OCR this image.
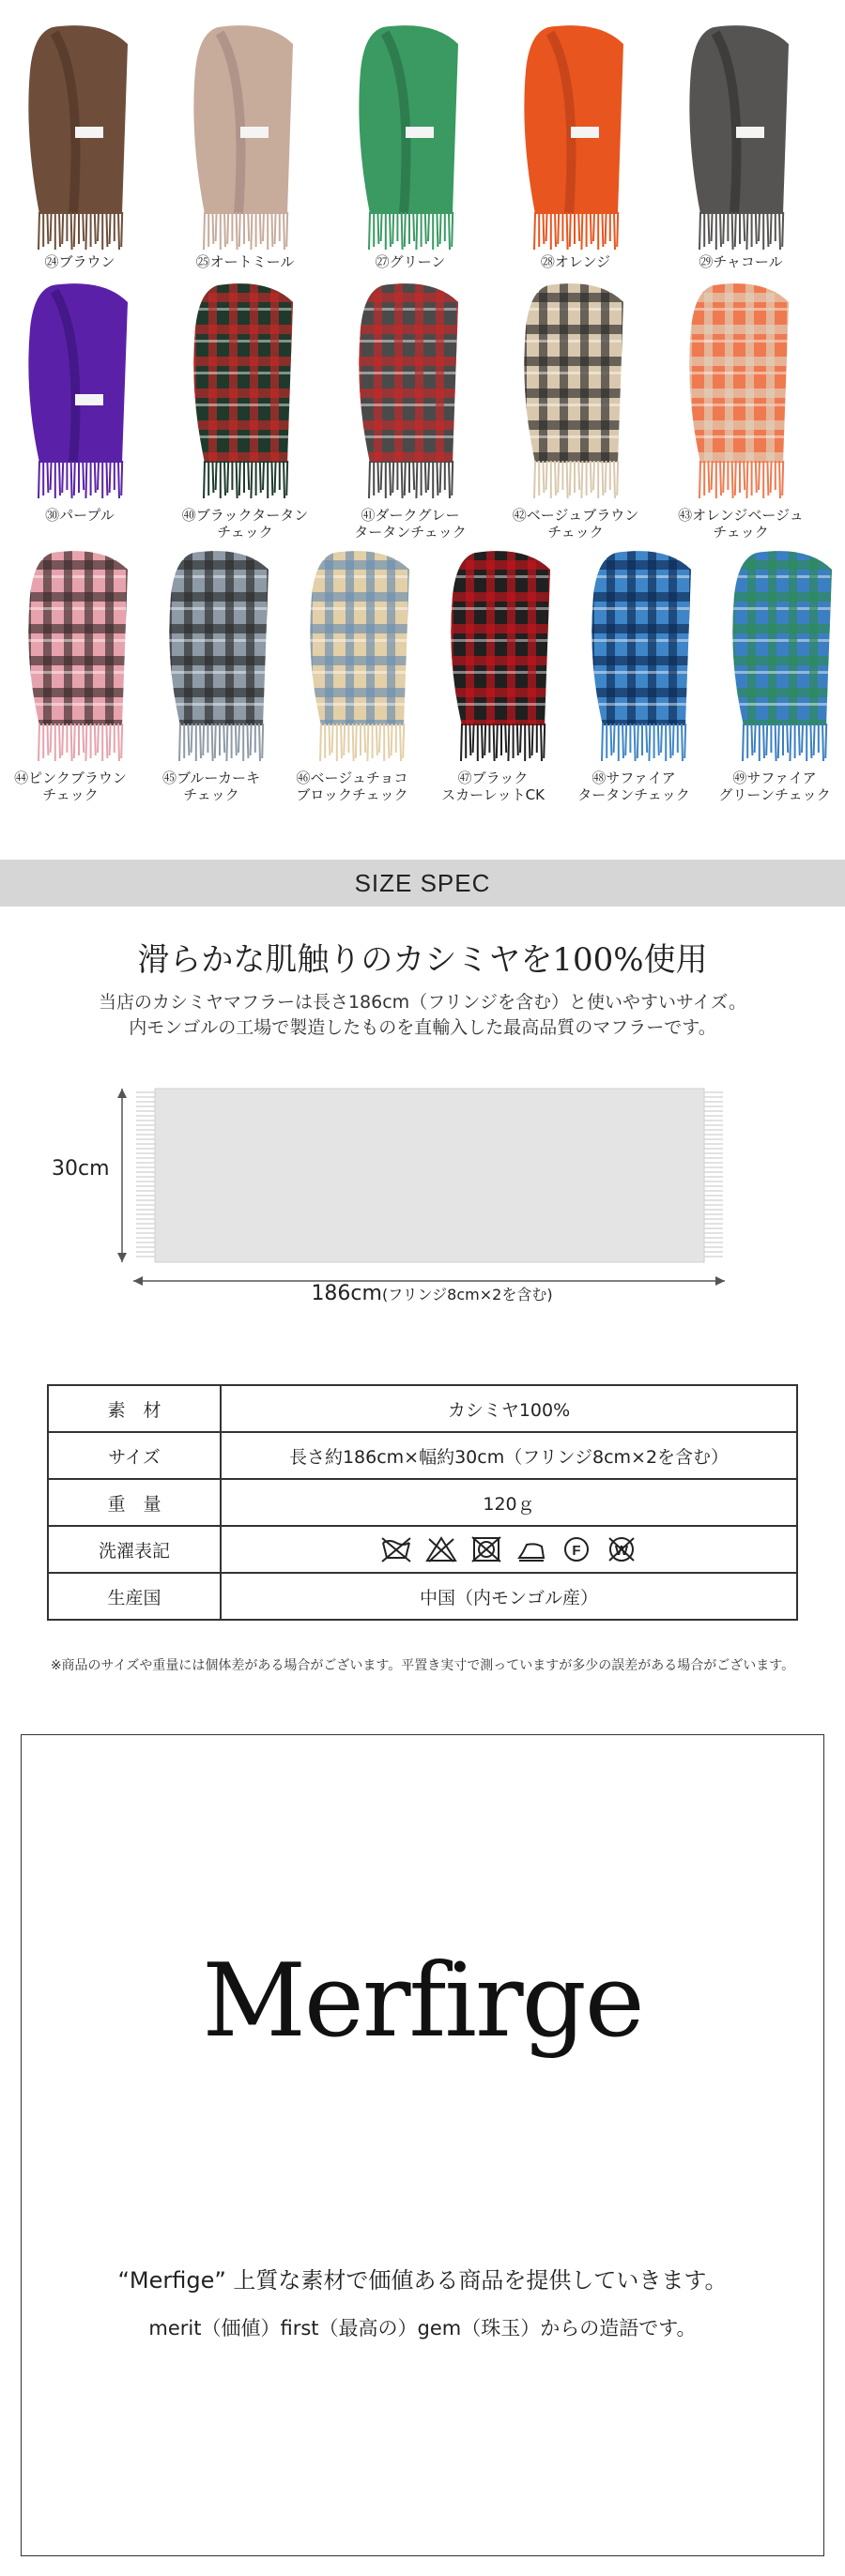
㉔ブラウン	㉕オートミール	㉗グリーン	㉘オレンジ	㉙チャコール
㉚パープル	㊵ブラックタータン
チェック
㊶ダークグレー
タータンチェック
㊷ベージュブラウン
チェック
㊸オレンジベージュ
チェック
㊹ピンクブラウン
チェック
㊺ブルーカーキ
チェック
㊻ベージュチョコ
ブロックチェック
㊼ブラック
スカーレットCK
㊽サファイア
タータンチェック
㊾サファイア
グリーンチェック
SIZE SPEC
滑らかな肌触りのカシミヤを100%使用
当店のカシミヤマフラーは長さ186cm（フリンジを含む）と使いやすいサイズ。
内モンゴルの工場で製造したものを直輸入した最高品質のマフラーです。
30cm
186cm(フリンジ8cm×2を含む)
素　材	カシミヤ100%
サイズ	長さ約186cm×幅約30cm（フリンジ8cm×2を含む）
重　量	120ｇ
洗濯表記	F W

生産国	中国（内モンゴル産）
※商品のサイズや重量には個体差がある場合がございます。平置き実寸で測っていますが多少の誤差がある場合がございます。
Merfirge
“Merfige” 上質な素材で価値ある商品を提供していきます。
merit（価値）first（最高の）gem（珠玉）からの造語です。
